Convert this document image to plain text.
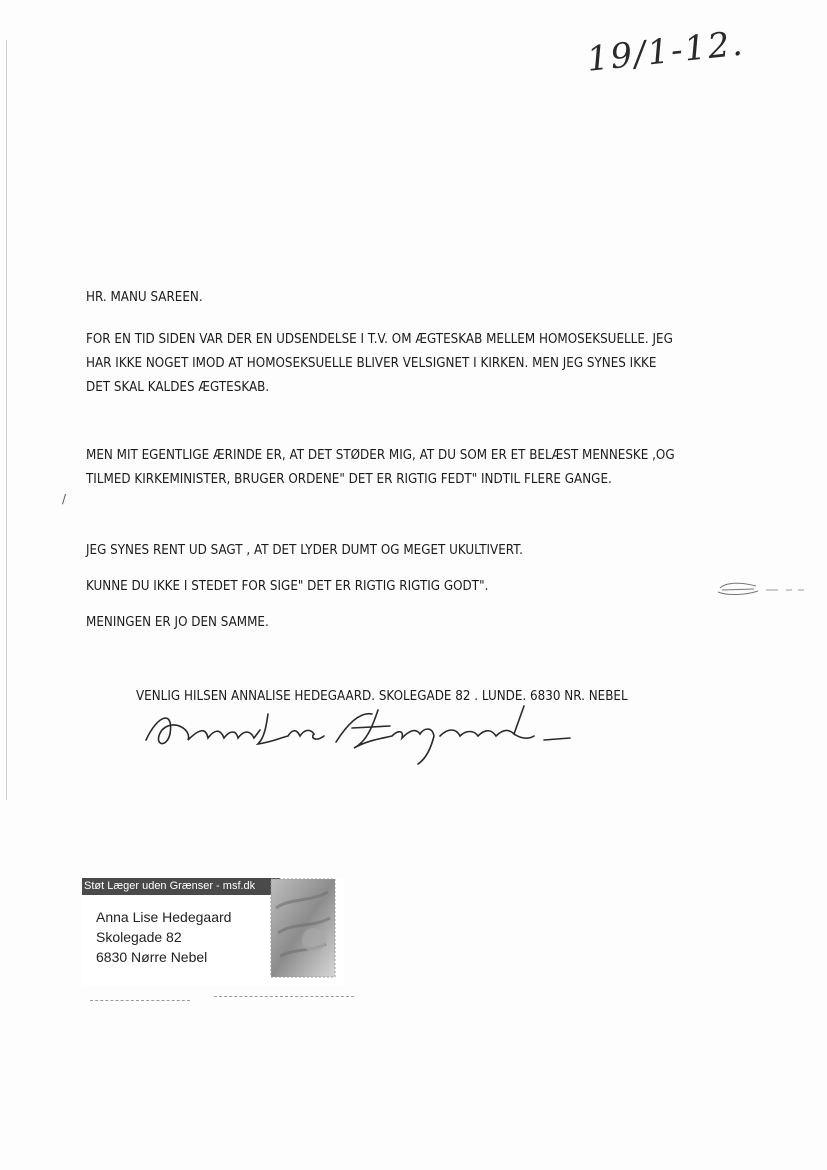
19/1-12.
HR. MANU SAREEN.
FOR EN TID SIDEN VAR DER EN UDSENDELSE I T.V. OM ÆGTESKAB MELLEM HOMOSEKSUELLE. JEG
HAR IKKE NOGET IMOD AT HOMOSEKSUELLE BLIVER VELSIGNET I KIRKEN. MEN JEG SYNES IKKE
DET SKAL KALDES ÆGTESKAB.
MEN MIT EGENTLIGE ÆRINDE ER, AT DET STØDER MIG, AT DU SOM ER ET BELÆST MENNESKE ,OG
TILMED KIRKEMINISTER, BRUGER ORDENE" DET ER RIGTIG FEDT" INDTIL FLERE GANGE.
/
JEG SYNES RENT UD SAGT , AT DET LYDER DUMT OG MEGET UKULTIVERT.
KUNNE DU IKKE I STEDET FOR SIGE" DET ER RIGTIG RIGTIG GODT".
MENINGEN ER JO DEN SAMME.
VENLIG HILSEN ANNALISE HEDEGAARD. SKOLEGADE 82 . LUNDE. 6830 NR. NEBEL
Støt Læger uden Grænser - msf.dk
Anna Lise Hedegaard
Skolegade 82
6830 Nørre Nebel
